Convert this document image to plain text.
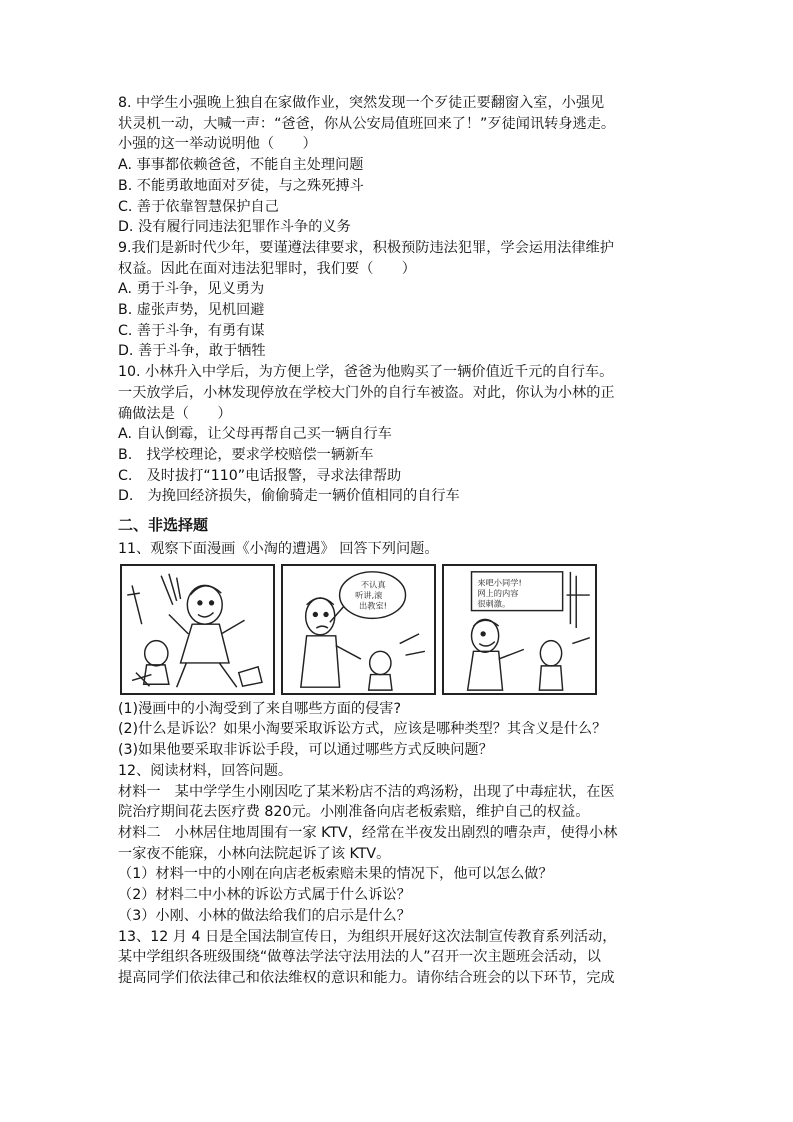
8. 中学生小强晚上独自在家做作业，突然发现一个歹徒正要翻窗入室，小强见
状灵机一动，大喊一声：“爸爸，你从公安局值班回来了！”歹徒闻讯转身逃走。
小强的这一举动说明他（　　）
A. 事事都依赖爸爸，不能自主处理问题
B. 不能勇敢地面对歹徒，与之殊死搏斗
C. 善于依靠智慧保护自己
D. 没有履行同违法犯罪作斗争的义务
9.我们是新时代少年，要谨遵法律要求，积极预防违法犯罪，学会运用法律维护
权益。因此在面对违法犯罪时，我们要（　　）
A. 勇于斗争，见义勇为
B. 虚张声势，见机回避
C. 善于斗争，有勇有谋
D. 善于斗争，敢于牺牲
10. 小林升入中学后，为方便上学，爸爸为他购买了一辆价值近千元的自行车。
一天放学后，小林发现停放在学校大门外的自行车被盗。对此，你认为小林的正
确做法是（　　）
A. 自认倒霉，让父母再帮自己买一辆自行车
B.　找学校理论，要求学校赔偿一辆新车
C.　及时拔打“110”电话报警，寻求法律帮助
D.　为挽回经济损失，偷偷骑走一辆价值相同的自行车
二、非选择题
11、观察下面漫画《小淘的遭遇》 回答下列问题。
不认真
听讲,滚
出教室!
来吧小同学!
网上的内容
很刺激。
(1)漫画中的小淘受到了来自哪些方面的侵害?
(2)什么是诉讼？如果小淘要采取诉讼方式，应该是哪种类型？其含义是什么？
(3)如果他要采取非诉讼手段，可以通过哪些方式反映问题？
12、阅读材料，回答问题。
材料一　某中学学生小刚因吃了某米粉店不洁的鸡汤粉，出现了中毒症状，在医
院治疗期间花去医疗费 820元。小刚准备向店老板索赔，维护自己的权益。
材料二　小林居住地周围有一家 KTV，经常在半夜发出剧烈的嘈杂声，使得小林
一家夜不能寐，小林向法院起诉了该 KTV。
（1）材料一中的小刚在向店老板索赔未果的情况下，他可以怎么做？
（2）材料二中小林的诉讼方式属于什么诉讼？
（3）小刚、小林的做法给我们的启示是什么？
13、12 月 4 日是全国法制宣传日，为组织开展好这次法制宣传教育系列活动，
某中学组织各班级围绕“做尊法学法守法用法的人”召开一次主题班会活动，以
提高同学们依法律己和依法维权的意识和能力。请你结合班会的以下环节，完成
